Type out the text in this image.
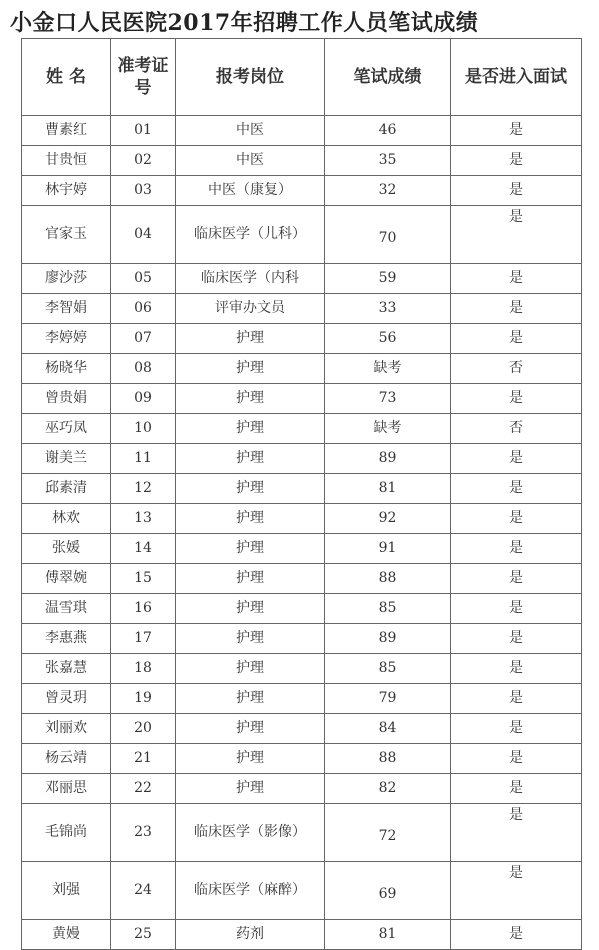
小金口人民医院2017年招聘工作人员笔试成绩
姓 名	准考证号	报考岗位	笔试成绩	是否进入面试
曹素红	01	中医	46	是
甘贵恒	02	中医	35	是
林宇婷	03	中医（康复）	32	是
官家玉	04	临床医学（儿科）	70	是
廖沙莎	05	临床医学（内科	59	是
李智娟	06	评审办文员	33	是
李婷婷	07	护理	56	是
杨晓华	08	护理	缺考	否
曾贵娟	09	护理	73	是
巫巧凤	10	护理	缺考	否
谢美兰	11	护理	89	是
邱素清	12	护理	81	是
林欢	13	护理	92	是
张媛	14	护理	91	是
傅翠婉	15	护理	88	是
温雪琪	16	护理	85	是
李惠燕	17	护理	89	是
张嘉慧	18	护理	85	是
曾灵玥	19	护理	79	是
刘丽欢	20	护理	84	是
杨云靖	21	护理	88	是
邓丽思	22	护理	82	是
毛锦尚	23	临床医学（影像）	72	是
刘强	24	临床医学（麻醉）	69	是
黄嫚	25	药剂	81	是
